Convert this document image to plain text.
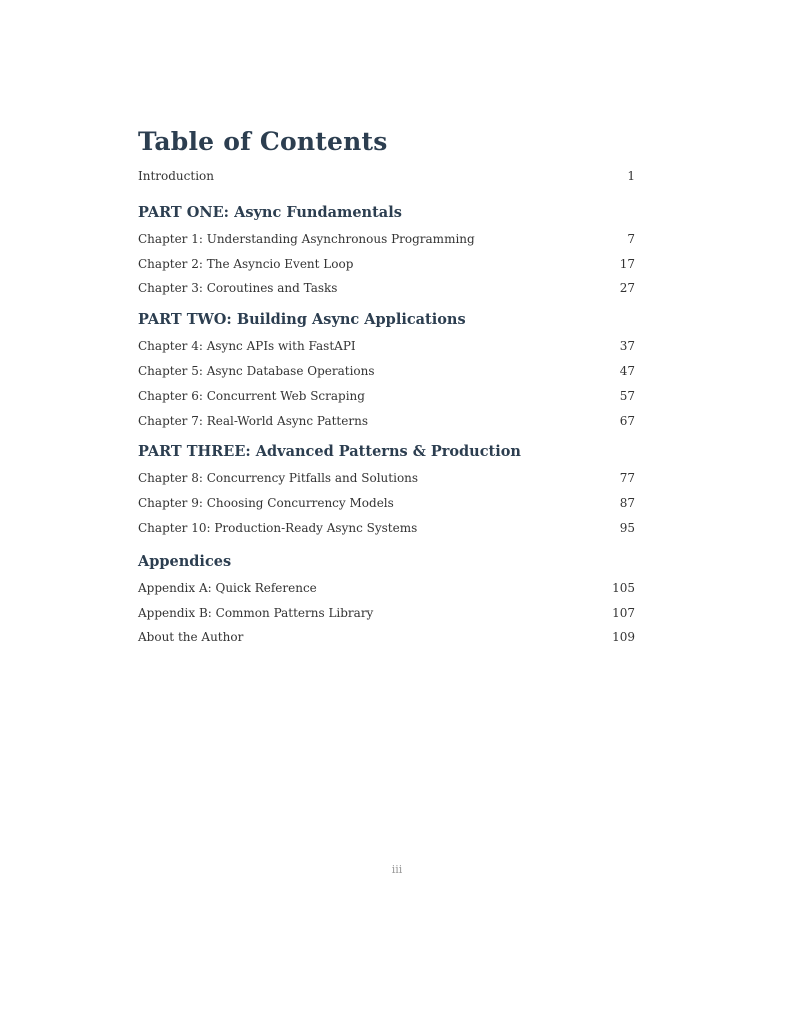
Table of Contents
Introduction	1
PART ONE: Async Fundamentals
Chapter 1: Understanding Asynchronous Programming	7
Chapter 2: The Asyncio Event Loop	17
Chapter 3: Coroutines and Tasks	27
PART TWO: Building Async Applications
Chapter 4: Async APIs with FastAPI	37
Chapter 5: Async Database Operations	47
Chapter 6: Concurrent Web Scraping	57
Chapter 7: Real-World Async Patterns	67
PART THREE: Advanced Patterns & Production
Chapter 8: Concurrency Pitfalls and Solutions	77
Chapter 9: Choosing Concurrency Models	87
Chapter 10: Production-Ready Async Systems	95
Appendices
Appendix A: Quick Reference	105
Appendix B: Common Patterns Library	107
About the Author	109
iii
